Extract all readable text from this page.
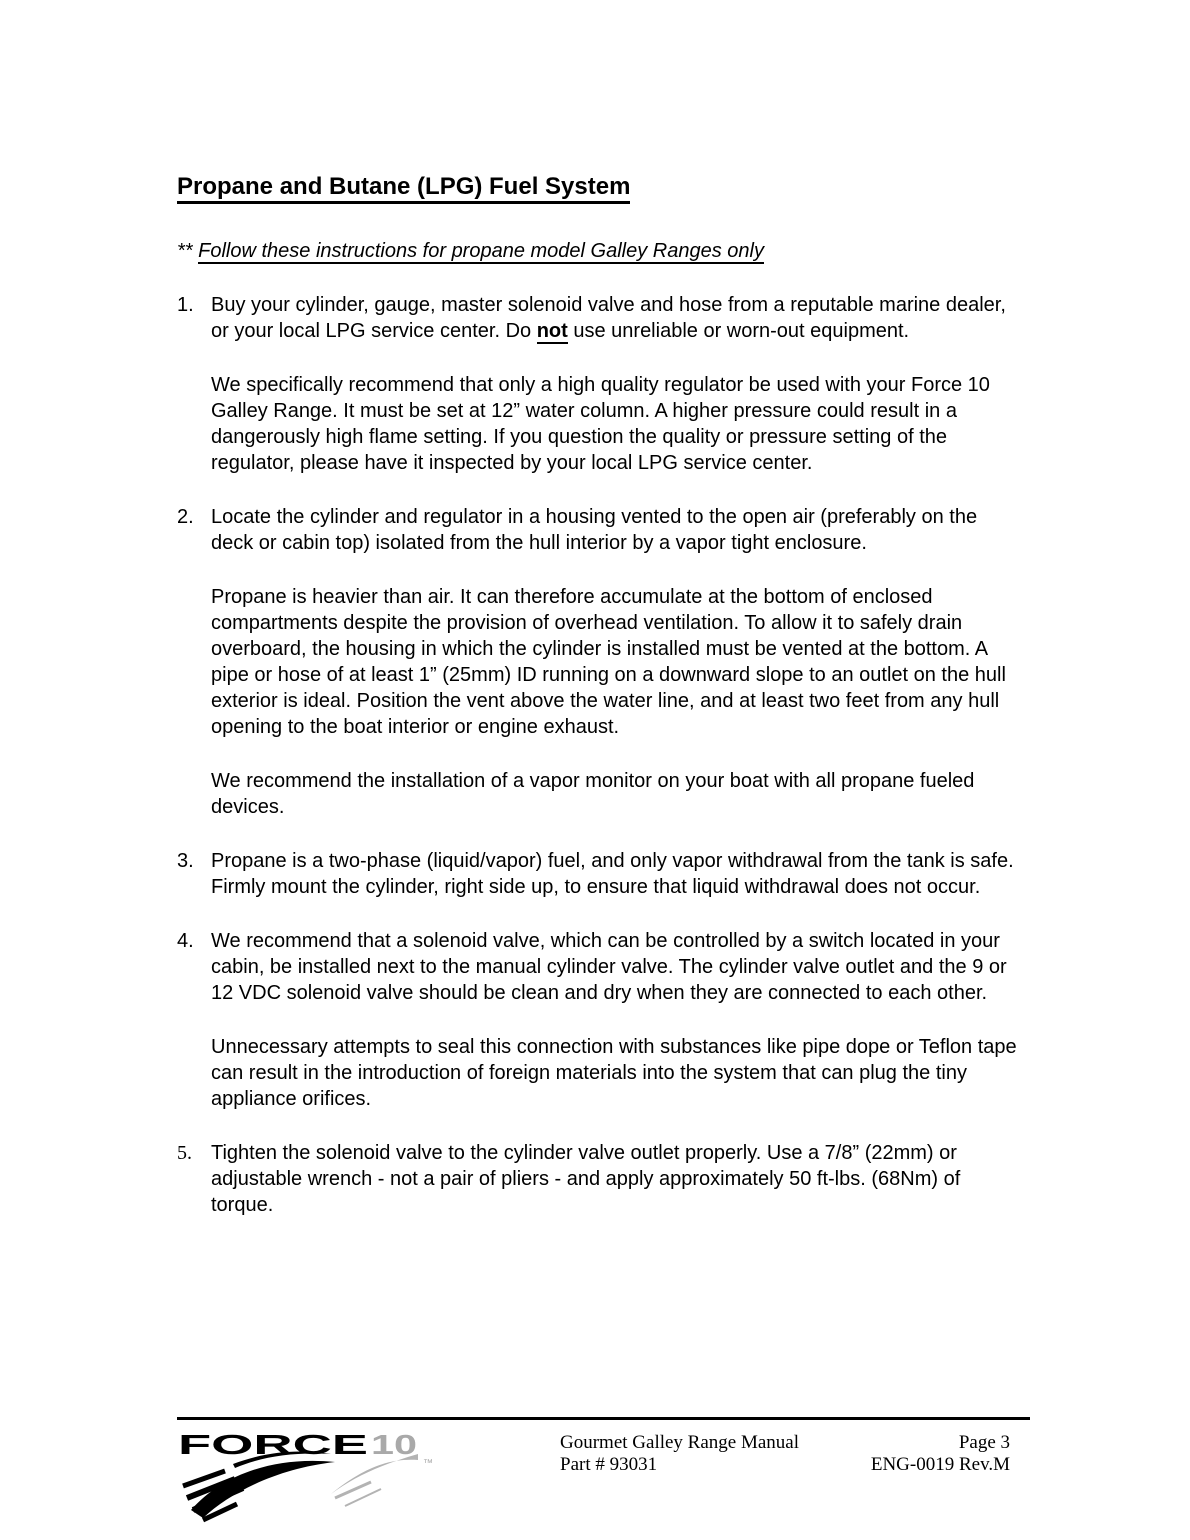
Propane and Butane (LPG) Fuel System

** Follow these instructions for propane model Galley Ranges only

1. Buy your cylinder, gauge, master solenoid valve and hose from a reputable marine dealer, or your local LPG service center. Do not use unreliable or worn-out equipment.

We specifically recommend that only a high quality regulator be used with your Force 10 Galley Range. It must be set at 12” water column. A higher pressure could result in a dangerously high flame setting. If you question the quality or pressure setting of the regulator, please have it inspected by your local LPG service center.

2. Locate the cylinder and regulator in a housing vented to the open air (preferably on the deck or cabin top) isolated from the hull interior by a vapor tight enclosure.

Propane is heavier than air. It can therefore accumulate at the bottom of enclosed compartments despite the provision of overhead ventilation. To allow it to safely drain overboard, the housing in which the cylinder is installed must be vented at the bottom. A pipe or hose of at least 1” (25mm) ID running on a downward slope to an outlet on the hull exterior is ideal. Position the vent above the water line, and at least two feet from any hull opening to the boat interior or engine exhaust.

We recommend the installation of a vapor monitor on your boat with all propane fueled devices.

3. Propane is a two-phase (liquid/vapor) fuel, and only vapor withdrawal from the tank is safe. Firmly mount the cylinder, right side up, to ensure that liquid withdrawal does not occur.

4. We recommend that a solenoid valve, which can be controlled by a switch located in your cabin, be installed next to the manual cylinder valve. The cylinder valve outlet and the 9 or 12 VDC solenoid valve should be clean and dry when they are connected to each other.

Unnecessary attempts to seal this connection with substances like pipe dope or Teflon tape can result in the introduction of foreign materials into the system that can plug the tiny appliance orifices.

5. Tighten the solenoid valve to the cylinder valve outlet properly. Use a 7/8” (22mm) or adjustable wrench - not a pair of pliers - and apply approximately 50 ft-lbs. (68Nm) of torque.

FORCE 10
™
Gourmet Galley Range Manual
Part # 93031
Page 3
ENG-0019 Rev.M
